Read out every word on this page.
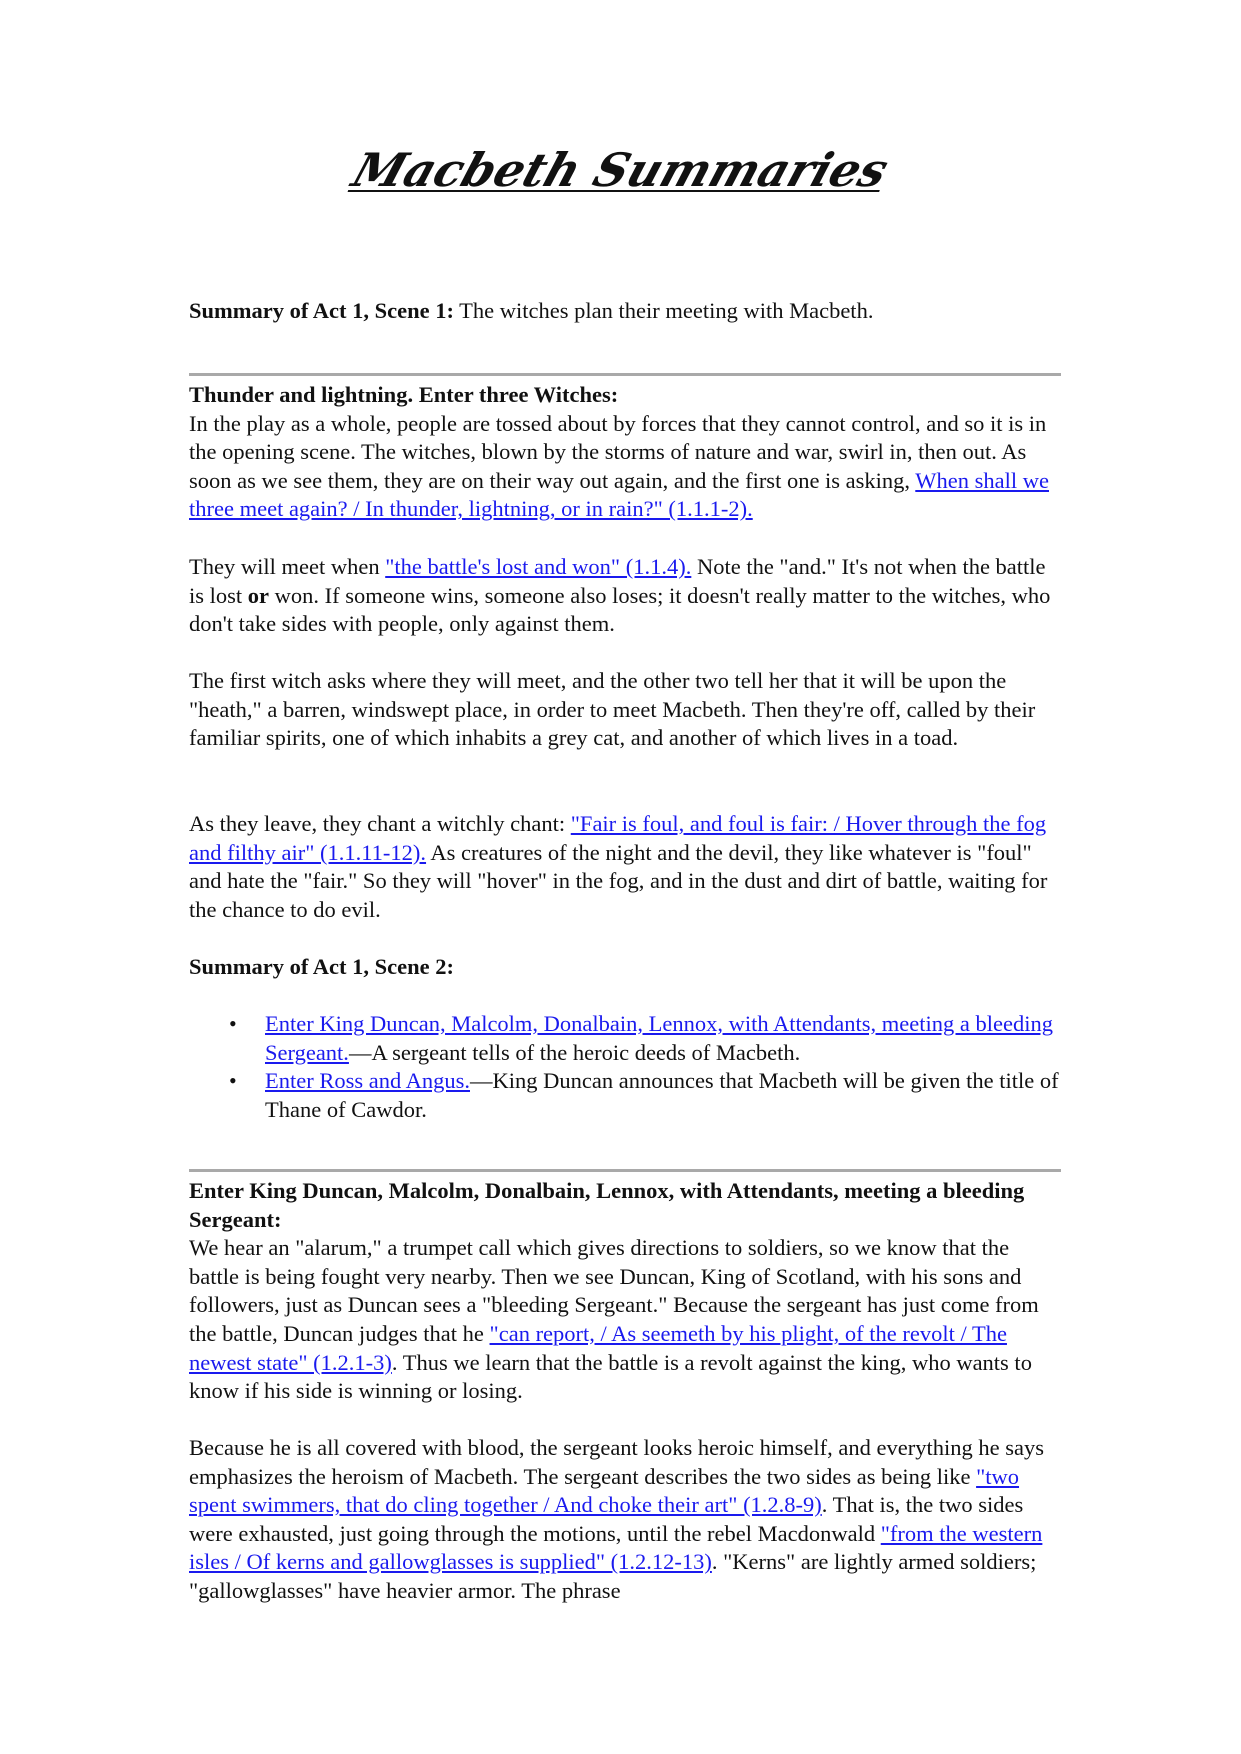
Macbeth Summaries

Summary of Act 1, Scene 1: The witches plan their meeting with Macbeth.

Thunder and lightning. Enter three Witches:
In the play as a whole, people are tossed about by forces that they cannot control, and so it is in the opening scene. The witches, blown by the storms of nature and war, swirl in, then out. As soon as we see them, they are on their way out again, and the first one is asking, When shall we three meet again? / In thunder, lightning, or in rain?" (1.1.1-2).

They will meet when "the battle's lost and won" (1.1.4). Note the "and." It's not when the battle is lost or won. If someone wins, someone also loses; it doesn't really matter to the witches, who don't take sides with people, only against them.

The first witch asks where they will meet, and the other two tell her that it will be upon the "heath," a barren, windswept place, in order to meet Macbeth. Then they're off, called by their familiar spirits, one of which inhabits a grey cat, and another of which lives in a toad.

As they leave, they chant a witchly chant: "Fair is foul, and foul is fair: / Hover through the fog and filthy air" (1.1.11-12). As creatures of the night and the devil, they like whatever is "foul" and hate the "fair." So they will "hover" in the fog, and in the dust and dirt of battle, waiting for the chance to do evil.

Summary of Act 1, Scene 2:

• Enter King Duncan, Malcolm, Donalbain, Lennox, with Attendants, meeting a bleeding Sergeant.—A sergeant tells of the heroic deeds of Macbeth.
• Enter Ross and Angus.—King Duncan announces that Macbeth will be given the title of Thane of Cawdor.

Enter King Duncan, Malcolm, Donalbain, Lennox, with Attendants, meeting a bleeding Sergeant:
We hear an "alarum," a trumpet call which gives directions to soldiers, so we know that the battle is being fought very nearby. Then we see Duncan, King of Scotland, with his sons and followers, just as Duncan sees a "bleeding Sergeant." Because the sergeant has just come from the battle, Duncan judges that he "can report, / As seemeth by his plight, of the revolt / The newest state" (1.2.1-3). Thus we learn that the battle is a revolt against the king, who wants to know if his side is winning or losing.

Because he is all covered with blood, the sergeant looks heroic himself, and everything he says emphasizes the heroism of Macbeth. The sergeant describes the two sides as being like "two spent swimmers, that do cling together / And choke their art" (1.2.8-9). That is, the two sides were exhausted, just going through the motions, until the rebel Macdonwald "from the western isles / Of kerns and gallowglasses is supplied" (1.2.12-13). "Kerns" are lightly armed soldiers; "gallowglasses" have heavier armor. The phrase
